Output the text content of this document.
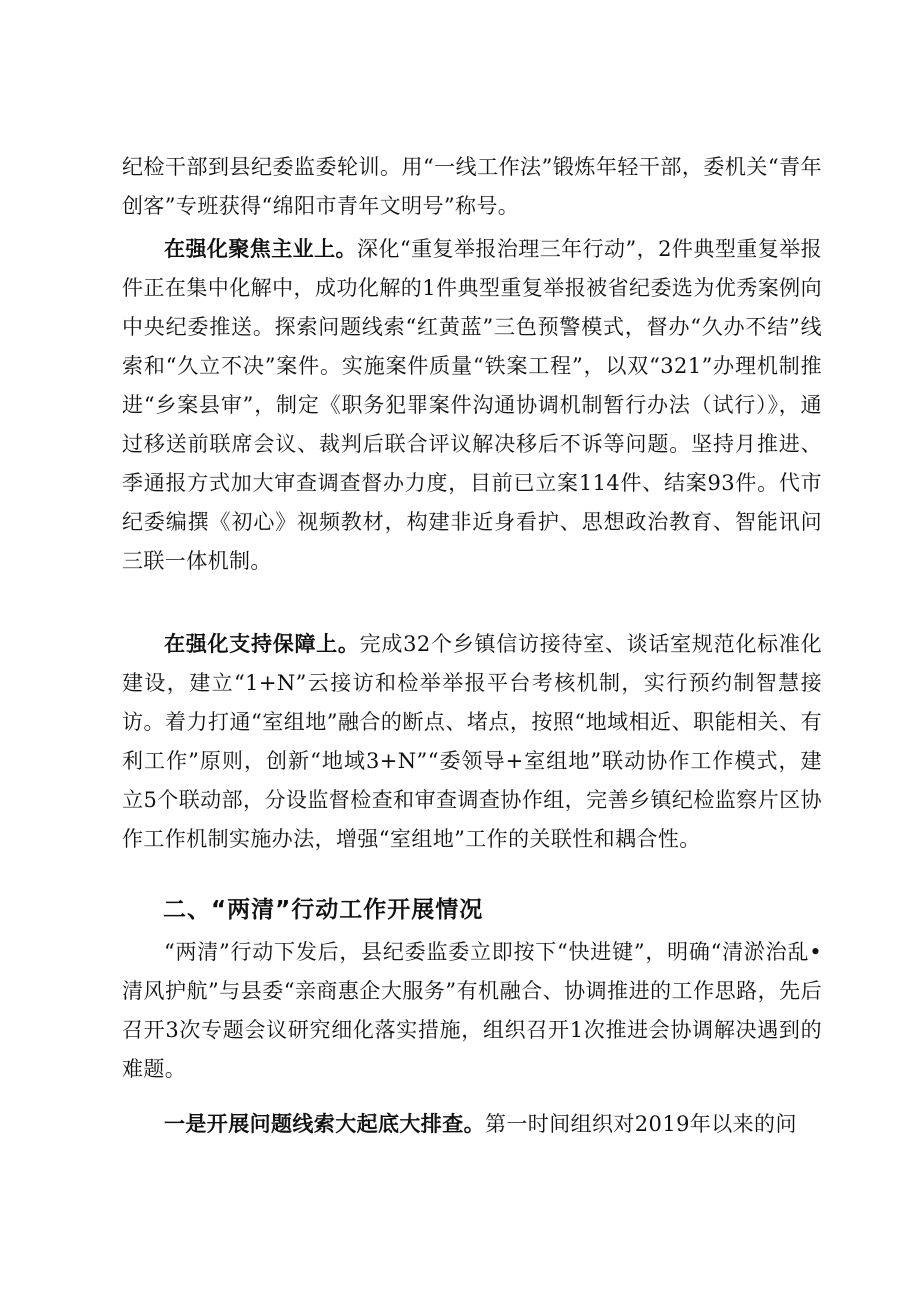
纪检干部到县纪委监委轮训。用“一线工作法”锻炼年轻干部，委机关“青年创客”专班获得“绵阳市青年文明号”称号。

在强化聚焦主业上。深化“重复举报治理三年行动”，2件典型重复举报件正在集中化解中，成功化解的1件典型重复举报被省纪委选为优秀案例向中央纪委推送。探索问题线索“红黄蓝”三色预警模式，督办“久办不结”线索和“久立不决”案件。实施案件质量“铁案工程”，以双“321”办理机制推进“乡案县审”，制定《职务犯罪案件沟通协调机制暂行办法（试行）》，通过移送前联席会议、裁判后联合评议解决移后不诉等问题。坚持月推进、季通报方式加大审查调查督办力度，目前已立案114件、结案93件。代市纪委编撰《初心》视频教材，构建非近身看护、思想政治教育、智能讯问三联一体机制。

在强化支持保障上。完成32个乡镇信访接待室、谈话室规范化标准化建设，建立“1+N”云接访和检举举报平台考核机制，实行预约制智慧接访。着力打通“室组地”融合的断点、堵点，按照“地域相近、职能相关、有利工作”原则，创新“地域3+N”“委领导+室组地”联动协作工作模式，建立5个联动部，分设监督检查和审查调查协作组，完善乡镇纪检监察片区协作工作机制实施办法，增强“室组地”工作的关联性和耦合性。

二、“两清”行动工作开展情况

“两清”行动下发后，县纪委监委立即按下“快进键”，明确“清淤治乱•清风护航”与县委“亲商惠企大服务”有机融合、协调推进的工作思路，先后召开3次专题会议研究细化落实措施，组织召开1次推进会协调解决遇到的难题。

一是开展问题线索大起底大排查。第一时间组织对2019年以来的问
